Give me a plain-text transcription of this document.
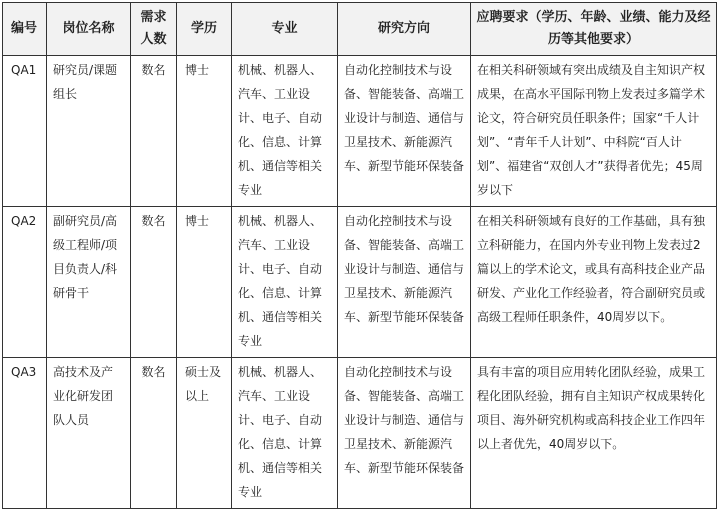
编号	岗位名称	需求人数	学历	专业	研究方向	应聘要求（学历、年龄、业绩、能力及经历等其他要求）
QA1	研究员/课题组长	数名	博士	机械、机器人、汽车、工业设计、电子、自动化、信息、计算机、通信等相关专业	自动化控制技术与设备、智能装备、高端工业设计与制造、通信与卫星技术、新能源汽车、新型节能环保装备	在相关科研领域有突出成绩及自主知识产权成果，在高水平国际刊物上发表过多篇学术论文，符合研究员任职条件；国家“千人计划”、“青年千人计划”、中科院“百人计划”、福建省“双创人才”获得者优先；45周岁以下
QA2	副研究员/高级工程师/项目负责人/科研骨干	数名	博士	机械、机器人、汽车、工业设计、电子、自动化、信息、计算机、通信等相关专业	自动化控制技术与设备、智能装备、高端工业设计与制造、通信与卫星技术、新能源汽车、新型节能环保装备	在相关科研领域有良好的工作基础，具有独立科研能力，在国内外专业刊物上发表过2篇以上的学术论文，或具有高科技企业产品研发、产业化工作经验者，符合副研究员或高级工程师任职条件，40周岁以下。
QA3	高技术及产业化研发团队人员	数名	硕士及以上	机械、机器人、汽车、工业设计、电子、自动化、信息、计算机、通信等相关专业	自动化控制技术与设备、智能装备、高端工业设计与制造、通信与卫星技术、新能源汽车、新型节能环保装备	具有丰富的项目应用转化团队经验，成果工程化团队经验，拥有自主知识产权成果转化项目、海外研究机构或高科技企业工作四年以上者优先，40周岁以下。
